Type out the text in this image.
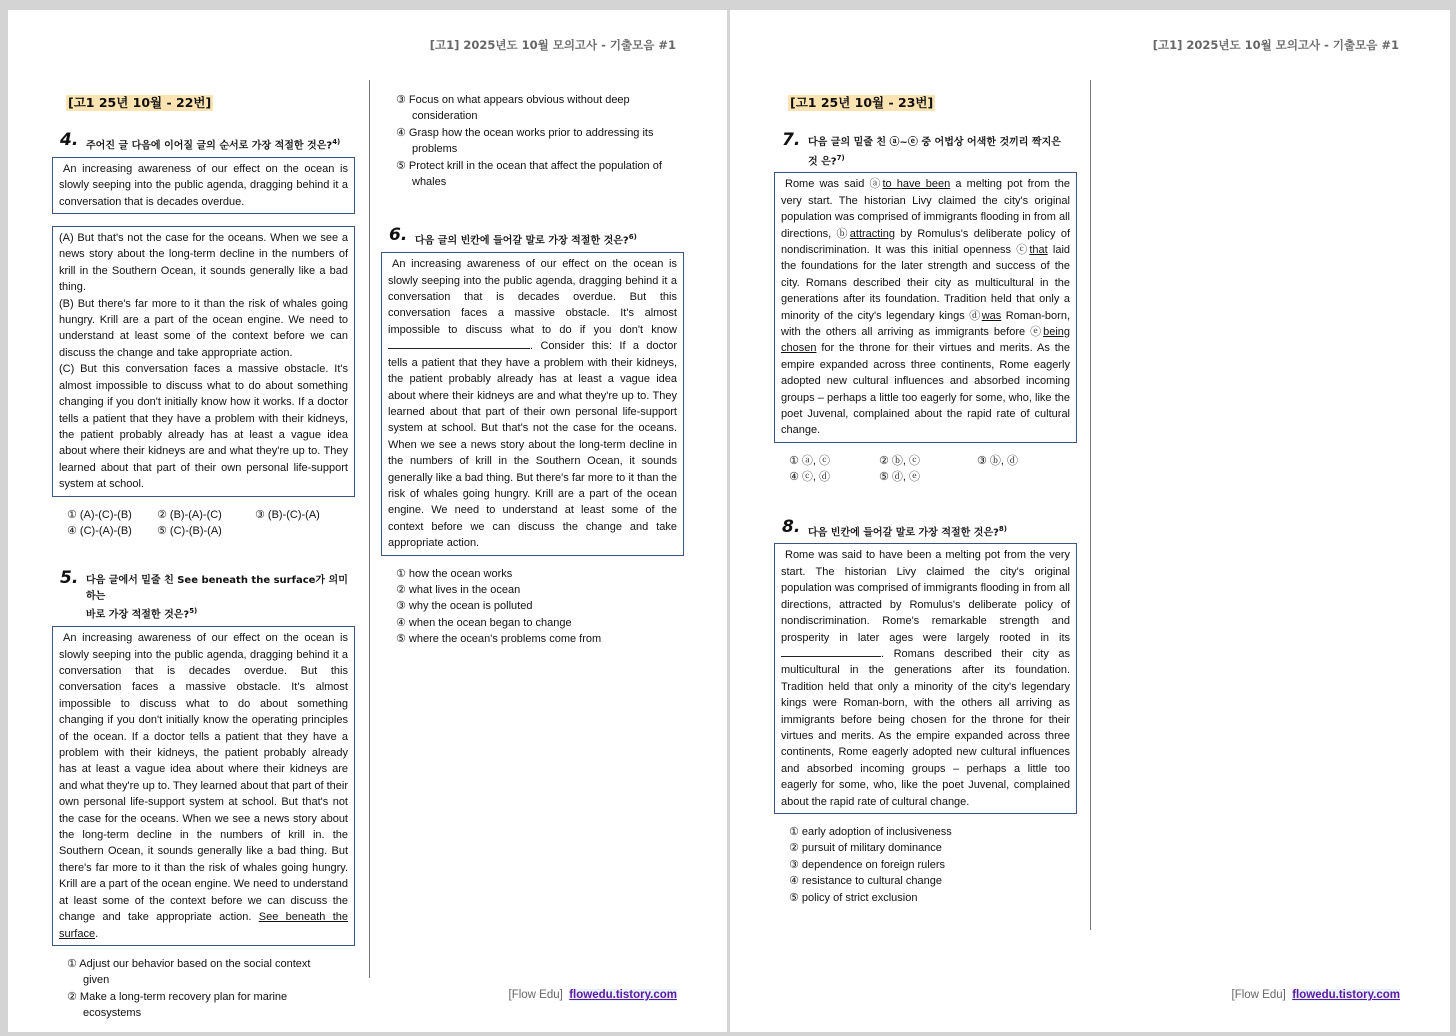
[고1] 2025년도 10월 모의고사 - 기출모음 #1
[고1 25년 10월 - 22번]
4. 주어진 글 다음에 이어질 글의 순서로 가장 적절한 것은?$^{4)}$

An increasing awareness of our effect on the ocean is slowly seeping into the public agenda, dragging behind it a conversation that is decades overdue.

(A) But that's not the case for the oceans. When we see a news story about the long-term decline in the numbers of krill in the Southern Ocean, it sounds generally like a bad thing.

(B) But there's far more to it than the risk of whales going hungry. Krill are a part of the ocean engine. We need to understand at least some of the context before we can discuss the change and take appropriate action.

(C) But this conversation faces a massive obstacle. It's almost impossible to discuss what to do about something changing if you don't initially know how it works. If a doctor tells a patient that they have a problem with their kidneys, the patient probably already has at least a vague idea about where their kidneys are and what they're up to. They learned about that part of their own personal life-support system at school.

① (A)-(C)-(B) ② (B)-(A)-(C)	③ (B)-(C)-(A)
④ (C)-(A)-(B) ⑤ (C)-(B)-(A)
5. 다음 글에서 밑줄 친 See beneath the surface가 의미하는
바로 가장 적절한 것은?$^{5)}$

An increasing awareness of our effect on the ocean is slowly seeping into the public agenda, dragging behind it a conversation that is decades overdue. But this conversation faces a massive obstacle. It's almost impossible to discuss what to do about something changing if you don't initially know the operating principles of the ocean. If a doctor tells a patient that they have a problem with their kidneys, the patient probably already has at least a vague idea about where their kidneys are and what they're up to. They learned about that part of their own personal life-support system at school. But that's not the case for the oceans. When we see a news story about the long-term decline in the numbers of krill in. the Southern Ocean, it sounds generally like a bad thing. But there's far more to it than the risk of whales going hungry. Krill are a part of the ocean engine. We need to understand at least some of the context before we can discuss the change and take appropriate action. See beneath the surface.

① Adjust our behavior based on the social context given
② Make a long-term recovery plan for marine ecosystems
③ Focus on what appears obvious without deep consideration
④ Grasp how the ocean works prior to addressing its problems
⑤ Protect krill in the ocean that affect the population of whales
6. 다음 글의 빈칸에 들어갈 말로 가장 적절한 것은?$^{6)}$

An increasing awareness of our effect on the ocean is slowly seeping into the public agenda, dragging behind it a conversation that is decades overdue. But this conversation faces a massive obstacle. It's almost impossible to discuss what to do if you don't know . Consider this: If a doctor tells a patient that they have a problem with their kidneys, the patient probably already has at least a vague idea about where their kidneys are and what they're up to. They learned about that part of their own personal life-support system at school. But that's not the case for the oceans. When we see a news story about the long-term decline in the numbers of krill in the Southern Ocean, it sounds generally like a bad thing. But there's far more to it than the risk of whales going hungry. Krill are a part of the ocean engine. We need to understand at least some of the context before we can discuss the change and take appropriate action.

① how the ocean works
② what lives in the ocean
③ why the ocean is polluted
④ when the ocean began to change
⑤ where the ocean's problems come from
[Flow Edu] flowedu.tistory.com
[고1] 2025년도 10월 모의고사 - 기출모음 #1
[고1 25년 10월 - 23번]
7. 다음 글의 밑줄 친 ⓐ~ⓔ 중 어법상 어색한 것끼리 짝지은 것 은?$^{7)}$

Rome was said ⓐto have been a melting pot from the very start. The historian Livy claimed the city's original population was comprised of immigrants flooding in from all directions, ⓑattracting by Romulus's deliberate policy of nondiscrimination. It was this initial openness ⓒthat laid the foundations for the later strength and success of the city. Romans described their city as multicultural in the generations after its foundation. Tradition held that only a minority of the city's legendary kings ⓓwas Roman-born, with the others all arriving as immigrants before ⓔbeing chosen for the throne for their virtues and merits. As the empire expanded across three continents, Rome eagerly adopted new cultural influences and absorbed incoming groups – perhaps a little too eagerly for some, who, like the poet Juvenal, complained about the rapid rate of cultural change.

① ⓐ, ⓒ	② ⓑ, ⓒ	③ ⓑ, ⓓ
④ ⓒ, ⓓ	⑤ ⓓ, ⓔ
8. 다음 빈칸에 들어갈 말로 가장 적절한 것은?$^{8)}$

Rome was said to have been a melting pot from the very start. The historian Livy claimed the city's original population was comprised of immigrants flooding in from all directions, attracted by Romulus's deliberate policy of nondiscrimination. Rome's remarkable strength and prosperity in later ages were largely rooted in its . Romans described their city as multicultural in the generations after its foundation. Tradition held that only a minority of the city's legendary kings were Roman-born, with the others all arriving as immigrants before being chosen for the throne for their virtues and merits. As the empire expanded across three continents, Rome eagerly adopted new cultural influences and absorbed incoming groups – perhaps a little too eagerly for some, who, like the poet Juvenal, complained about the rapid rate of cultural change.

① early adoption of inclusiveness
② pursuit of military dominance
③ dependence on foreign rulers
④ resistance to cultural change
⑤ policy of strict exclusion
[Flow Edu] flowedu.tistory.com
